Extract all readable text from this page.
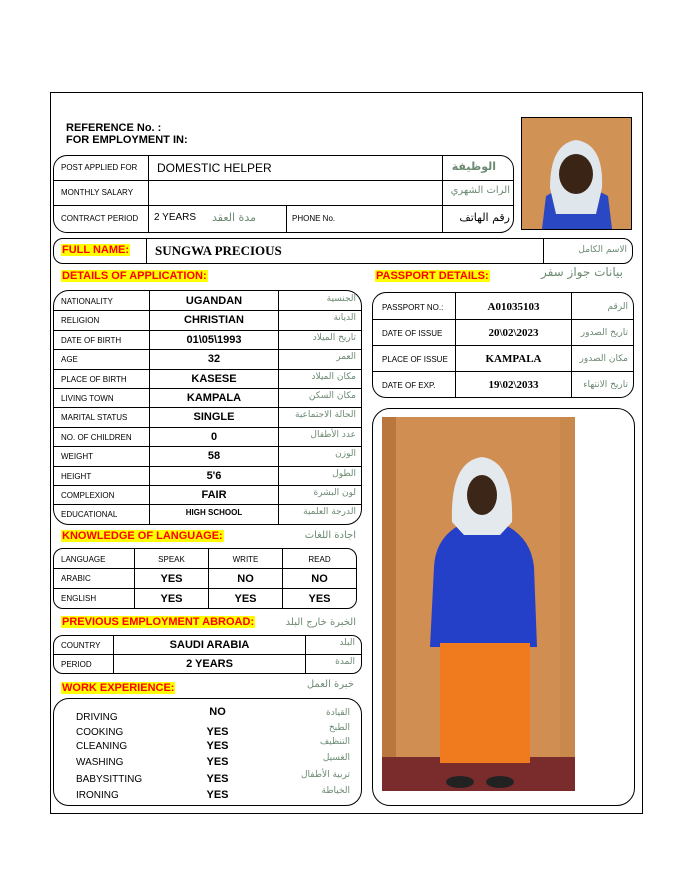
REFERENCE No. :
FOR EMPLOYMENT IN:
POST APPLIED FOR DOMESTIC HELPER	الوظيفة
MONTHLY SALARY	الرات الشهري
CONTRACT PERIOD 2 YEARS مدة العقد	PHONE No.	رقم الهاتف
FULL NAME: SUNGWA PRECIOUS	الاسم الكامل
DETAILS OF APPLICATION:
NATIONALITY	UGANDAN	الجنسية
RELIGION	CHRISTIAN	الديانة
DATE OF BIRTH	01\05\1993	تاريخ الميلاد
AGE	32	العمر
PLACE OF BIRTH	KASESE	مكان الميلاد
LIVING TOWN	KAMPALA	مكان السكن
MARITAL STATUS	SINGLE	الحالة الاجتماعية
NO. OF CHILDREN	0	عدد الأطفال
WEIGHT	58	الوزن
HEIGHT	5'6	الطول
COMPLEXION	FAIR	لون البشرة
EDUCATIONAL	HIGH SCHOOL	الدرجة العلمية
PASSPORT DETAILS:	بيانات جواز سفر
PASSPORT NO.:	A01035103	الرقم
DATE OF ISSUE	20\02\2023	تاريخ الصدور
PLACE OF ISSUE	KAMPALA	مكان الصدور
DATE OF EXP.	19\02\2033	تاريخ الانتهاء
KNOWLEDGE OF LANGUAGE:	اجادة اللغات
LANGUAGE	SPEAK	WRITE	READ
ARABIC	YES	NO	NO
ENGLISH	YES	YES	YES
PREVIOUS EMPLOYMENT ABROAD:	الخبرة خارج البلد
COUNTRY	SAUDI ARABIA	البلد
PERIOD	2 YEARS	المدة
WORK EXPERIENCE:	خبرة العمل
DRIVING	NO	القيادة
COOKING	YES	الطبخ
CLEANING	YES	التنظيف
WASHING	YES	الغسيل
BABYSITTING	YES	تربية الأطفال
IRONING	YES	الخياطة
